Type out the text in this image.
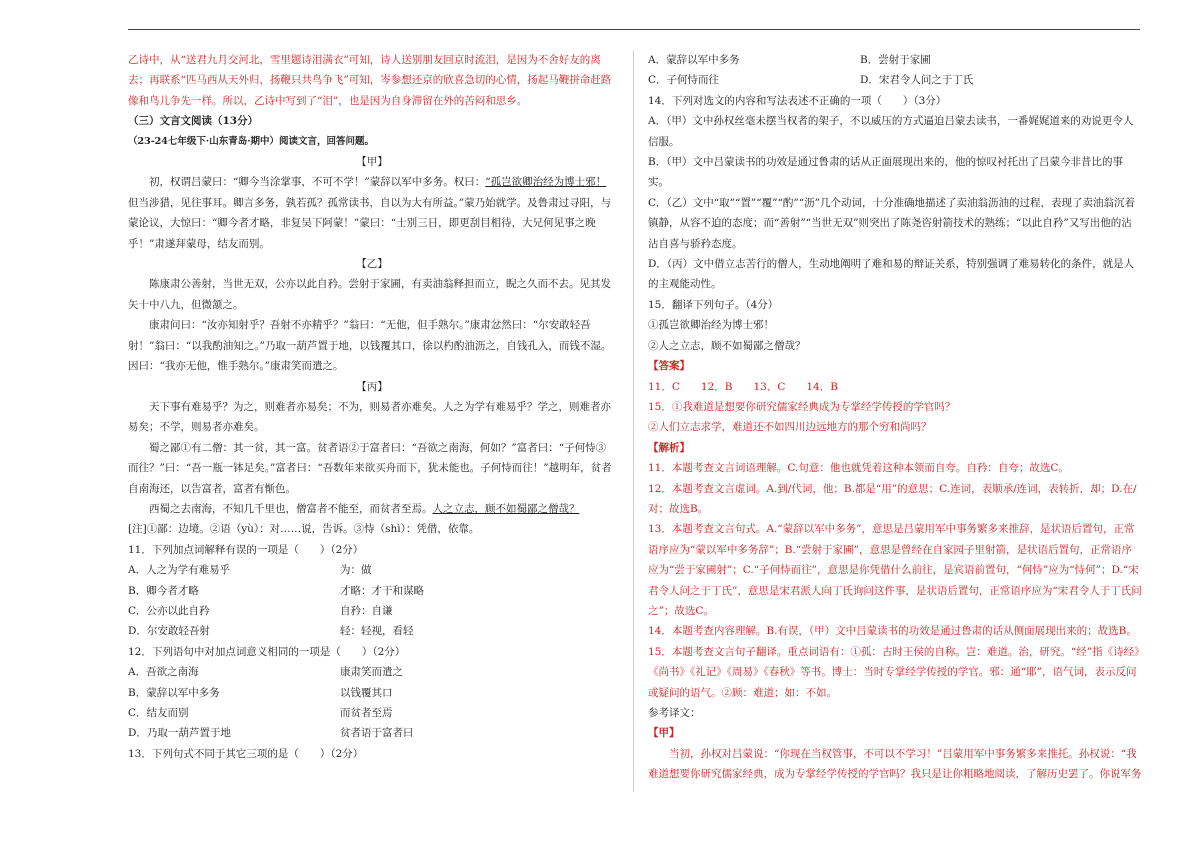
乙诗中，从“送君九月交河北，雪里题诗泪满衣”可知，诗人送别朋友回京时流泪，是因为不舍好友的离去；再联系“匹马西从天外归，扬鞭只共鸟争飞”可知，岑参想还京的欣喜急切的心情，扬起马鞭拼命赶路像和鸟儿争先一样。所以，乙诗中写到了“泪”，也是因为自身滞留在外的苦闷和思乡。

（三）文言文阅读（13分）

（23-24七年级下·山东青岛·期中）阅读文言，回答问题。

【甲】

初，权谓吕蒙曰：“卿今当涂掌事，不可不学！”蒙辞以军中多务。权曰：“孤岂欲卿治经为博士邪！但当涉猎，见往事耳。卿言多务，孰若孤？孤常读书，自以为大有所益。”蒙乃始就学。及鲁肃过寻阳，与蒙论议，大惊曰：“卿今者才略，非复吴下阿蒙！”蒙曰：“士别三日，即更刮目相待，大兄何见事之晚乎！”肃遂拜蒙母，结友而别。

【乙】

陈康肃公善射，当世无双，公亦以此自矜。尝射于家圃，有卖油翁释担而立，睨之久而不去。见其发矢十中八九，但微颔之。

康肃问曰：“汝亦知射乎？吾射不亦精乎？”翁曰：“无他，但手熟尔。”康肃忿然曰：“尔安敢轻吾射！”翁曰：“以我酌油知之。”乃取一葫芦置于地，以钱覆其口，徐以杓酌油沥之，自钱孔入，而钱不湿。因曰：“我亦无他，惟手熟尔。”康肃笑而遣之。

【丙】

天下事有难易乎？为之，则难者亦易矣；不为，则易者亦难矣。人之为学有难易乎？学之，则难者亦易矣；不学，则易者亦难矣。

蜀之鄙①有二僧：其一贫，其一富。贫者语②于富者曰：“吾欲之南海，何如？”富者曰：“子何恃③而往？”曰：“吾一瓶一钵足矣。”富者曰：“吾数年来欲买舟而下，犹未能也。子何恃而往！”越明年，贫者自南海还，以告富者，富者有惭色。

西蜀之去南海，不知几千里也，僧富者不能至，而贫者至焉。人之立志，顾不如蜀鄙之僧哉？

[注]①鄙：边境。②语（yù）：对……说，告诉。③恃（shì）：凭借，依靠。

11．下列加点词解释有误的一项是（　　）（2分）

A．人之为学有难易乎	为：做
B．卿今者才略	才略：才干和谋略
C．公亦以此自矜	自矜：自谦
D．尔安敢轻吾射	轻：轻视，看轻

12．下列语句中对加点词意义相同的一项是（　　）（2分）

A．吾欲之南海	康肃笑而遣之
B．蒙辞以军中多务	以钱覆其口
C．结友而别	而贫者至焉
D．乃取一葫芦置于地	贫者语于富者曰

13．下列句式不同于其它三项的是（　　）（2分）

A．蒙辞以军中多务	B．尝射于家圃
C．子何恃而往	D．宋君令人问之于丁氏

14．下列对选文的内容和写法表述不正确的一项（　　）（3分）

A．（甲）文中孙权丝毫未摆当权者的架子，不以威压的方式逼迫吕蒙去读书，一番娓娓道来的劝说更令人信服。

B．（甲）文中吕蒙读书的功效是通过鲁肃的话从正面展现出来的，他的惊叹衬托出了吕蒙今非昔比的事实。

C．（乙）文中“取”“置”“覆”“酌”“沥”几个动词，十分准确地描述了卖油翁沥油的过程，表现了卖油翁沉着镇静，从容不迫的态度；而“善射”“当世无双”则突出了陈尧咨射箭技术的熟练；“以此自矜”又写出他的沾沾自喜与骄矜态度。

D．（丙）文中借立志苦行的僧人，生动地阐明了难和易的辩证关系，特别强调了难易转化的条件，就是人的主观能动性。

15．翻译下列句子。（4分）

①孤岂欲卿治经为博士邪！

②人之立志，顾不如蜀鄙之僧哉？

【答案】

11．C　　12．B　　13．C　　14．B

15．①我难道是想要你研究儒家经典成为专掌经学传授的学官吗？

②人们立志求学，难道还不如四川边远地方的那个穷和尚吗？

【解析】

11．本题考查文言词语理解。C.句意：他也就凭着这种本领而自夸。自矜：自夸；故选C。

12．本题考查文言虚词。A.到/代词，他；B.都是“用”的意思；C.连词，表顺承/连词，表转折，却；D.在/对；故选B。

13．本题考查文言句式。A.“蒙辞以军中多务”，意思是吕蒙用军中事务繁多来推辞，是状语后置句，正常语序应为“蒙以军中多务辞”；B.“尝射于家圃”，意思是曾经在自家园子里射箭，是状语后置句，正常语序应为“尝于家圃射”；C.“子何恃而往”，意思是你凭借什么前往，是宾语前置句，“何恃”应为“恃何”；D.“宋君令人问之于丁氏”，意思是宋君派人向丁氏询问这件事，是状语后置句，正常语序应为“宋君令人于丁氏问之”；故选C。

14．本题考查内容理解。B.有误，（甲）文中吕蒙读书的功效是通过鲁肃的话从侧面展现出来的；故选B。

15．本题考查文言句子翻译。重点词语有：①孤：古时王侯的自称。岂：难道。治，研究。“经”指《诗经》《尚书》《礼记》《周易》《春秋》等书。博士：当时专掌经学传授的学官。邪：通“耶”，语气词，表示反问或疑问的语气。②顾：难道；如：不如。

参考译文：

【甲】

当初，孙权对吕蒙说：“你现在当权管事，不可以不学习！”吕蒙用军中事务繁多来推托。孙权说：“我难道想要你研究儒家经典，成为专掌经学传授的学官吗？我只是让你粗略地阅读，了解历史罢了。你说军务
